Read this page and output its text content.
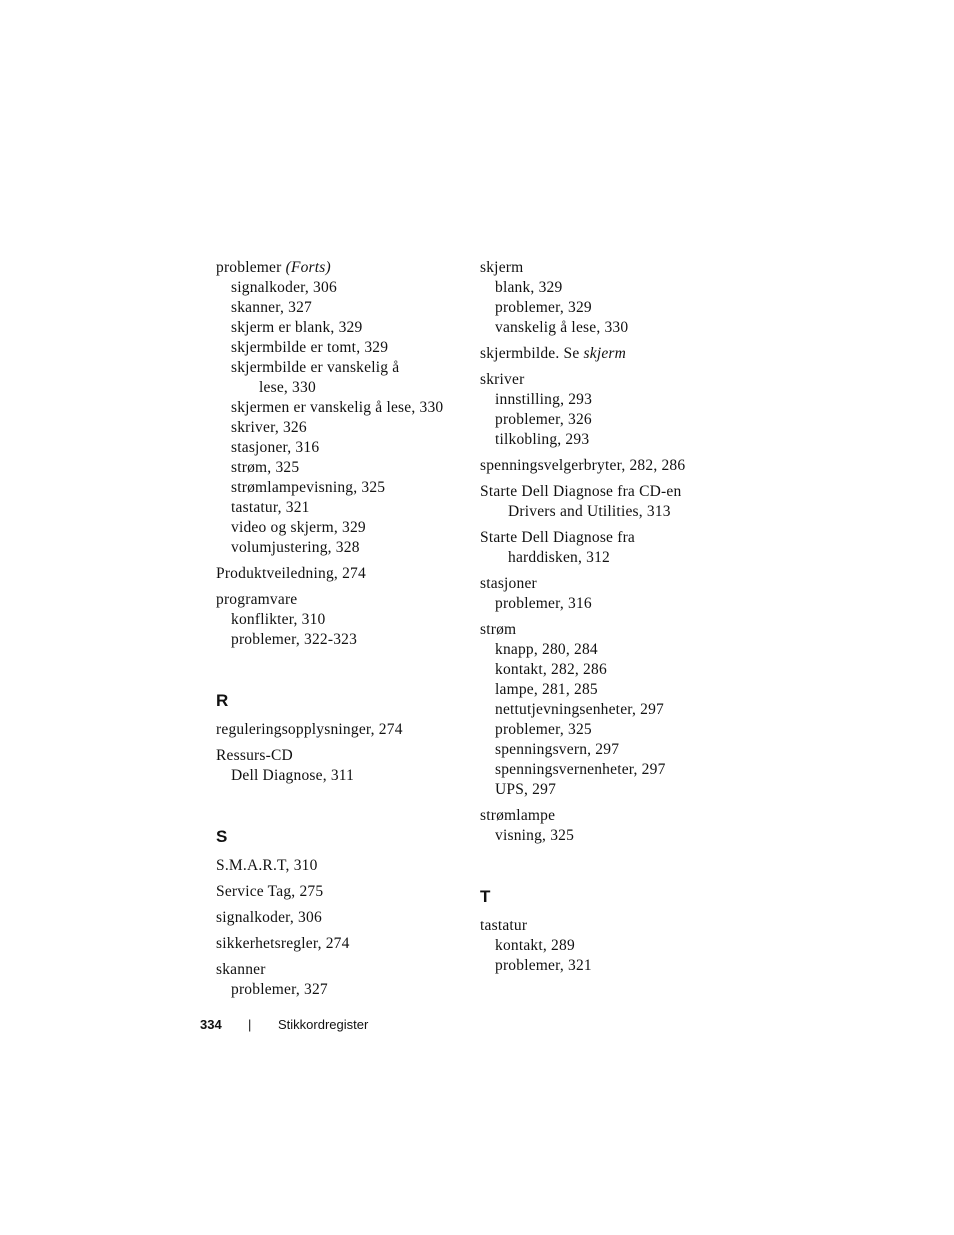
problemer (Forts)
signalkoder, 306
skanner, 327
skjerm er blank, 329
skjermbilde er tomt, 329
skjermbilde er vanskelig å
lese, 330
skjermen er vanskelig å lese, 330
skriver, 326
stasjoner, 316
strøm, 325
strømlampevisning, 325
tastatur, 321
video og skjerm, 329
volumjustering, 328
Produktveiledning, 274
programvare
konflikter, 310
problemer, 322-323
R
reguleringsopplysninger, 274
Ressurs-CD
Dell Diagnose, 311
S
S.M.A.R.T, 310
Service Tag, 275
signalkoder, 306
sikkerhetsregler, 274
skanner
problemer, 327
skjerm
blank, 329
problemer, 329
vanskelig å lese, 330
skjermbilde. Se skjerm
skriver
innstilling, 293
problemer, 326
tilkobling, 293
spenningsvelgerbryter, 282, 286
Starte Dell Diagnose fra CD-en
Drivers and Utilities, 313
Starte Dell Diagnose fra
harddisken, 312
stasjoner
problemer, 316
strøm
knapp, 280, 284
kontakt, 282, 286
lampe, 281, 285
nettutjevningsenheter, 297
problemer, 325
spenningsvern, 297
spenningsvernenheter, 297
UPS, 297
strømlampe
visning, 325
T
tastatur
kontakt, 289
problemer, 321
334 | Stikkordregister
